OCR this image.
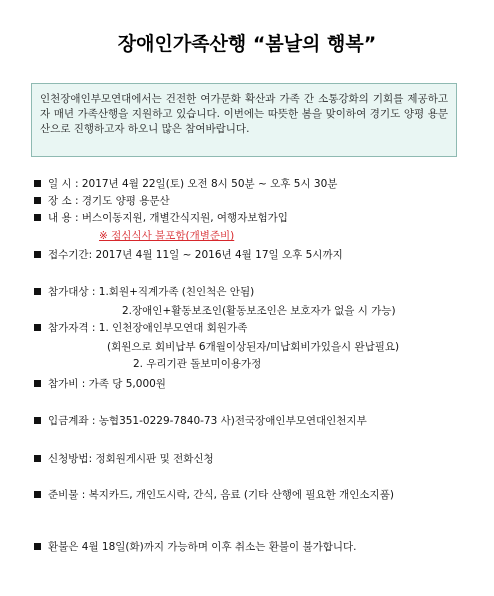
장애인가족산행 “봄날의 행복”
인천장애인부모연대에서는 건전한 여가문화 확산과 가족 간 소통강화의 기회를 제공하고자 매년 가족산행을 지원하고 있습니다. 이번에는 따뜻한 봄을 맞이하여 경기도 양평 용문산으로 진행하고자 하오니 많은 참여바랍니다.
일 시 : 2017년 4월 22일(토) 오전 8시 50분 ~ 오후 5시 30분
장 소 : 경기도 양평 용문산
내 용 : 버스이동지원, 개별간식지원, 여행자보험가입
※ 점심식사 불포함(개별준비)
접수기간: 2017년 4월 11일 ~ 2016년 4월 17일 오후 5시까지
참가대상 : 1.회원+직계가족 (친인척은 안됨)
2.장애인+활동보조인(활동보조인은 보호자가 없을 시 가능)
참가자격 : 1. 인천장애인부모연대 회원가족
(회원으로 회비납부 6개월이상된자/미납회비가있을시 완납필요)
2. 우리기관 돌보미이용가정
참가비 : 가족 당 5,000원
입금계좌 : 농협351-0229-7840-73 사)전국장애인부모연대인천지부
신청방법: 정회원게시판 및 전화신청
준비물 : 복지카드, 개인도시락, 간식, 음료 (기타 산행에 필요한 개인소지품)
환불은 4월 18일(화)까지 가능하며 이후 취소는 환불이 불가합니다.
